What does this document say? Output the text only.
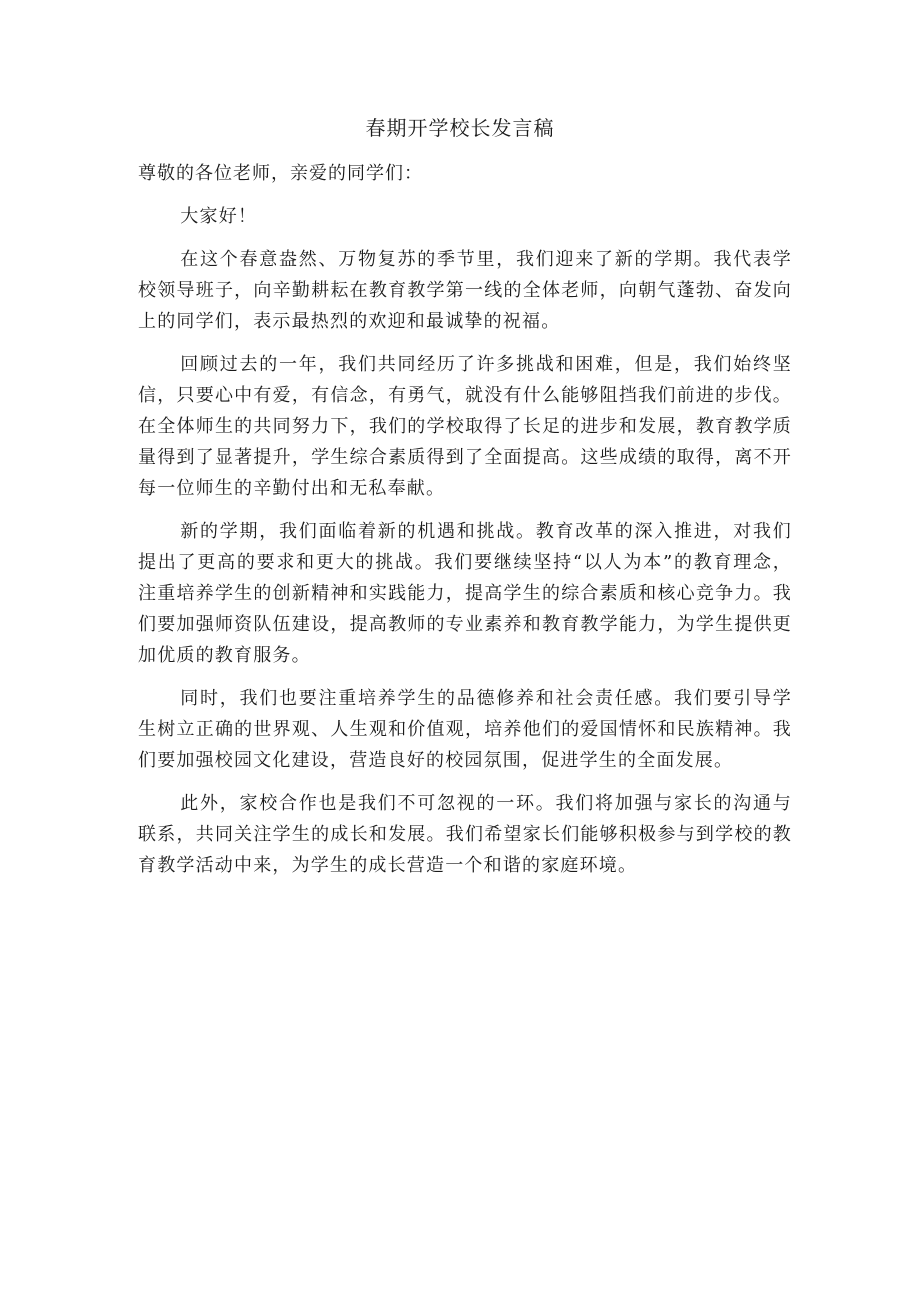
春期开学校长发言稿

尊敬的各位老师，亲爱的同学们：

大家好！

在这个春意盎然、万物复苏的季节里，我们迎来了新的学期。我代表学校领导班子，向辛勤耕耘在教育教学第一线的全体老师，向朝气蓬勃、奋发向上的同学们，表示最热烈的欢迎和最诚挚的祝福。

回顾过去的一年，我们共同经历了许多挑战和困难，但是，我们始终坚信，只要心中有爱，有信念，有勇气，就没有什么能够阻挡我们前进的步伐。在全体师生的共同努力下，我们的学校取得了长足的进步和发展，教育教学质量得到了显著提升，学生综合素质得到了全面提高。这些成绩的取得，离不开每一位师生的辛勤付出和无私奉献。

新的学期，我们面临着新的机遇和挑战。教育改革的深入推进，对我们提出了更高的要求和更大的挑战。我们要继续坚持“以人为本”的教育理念，注重培养学生的创新精神和实践能力，提高学生的综合素质和核心竞争力。我们要加强师资队伍建设，提高教师的专业素养和教育教学能力，为学生提供更加优质的教育服务。

同时，我们也要注重培养学生的品德修养和社会责任感。我们要引导学生树立正确的世界观、人生观和价值观，培养他们的爱国情怀和民族精神。我们要加强校园文化建设，营造良好的校园氛围，促进学生的全面发展。

此外，家校合作也是我们不可忽视的一环。我们将加强与家长的沟通与联系，共同关注学生的成长和发展。我们希望家长们能够积极参与到学校的教育教学活动中来，为学生的成长营造一个和谐的家庭环境。
